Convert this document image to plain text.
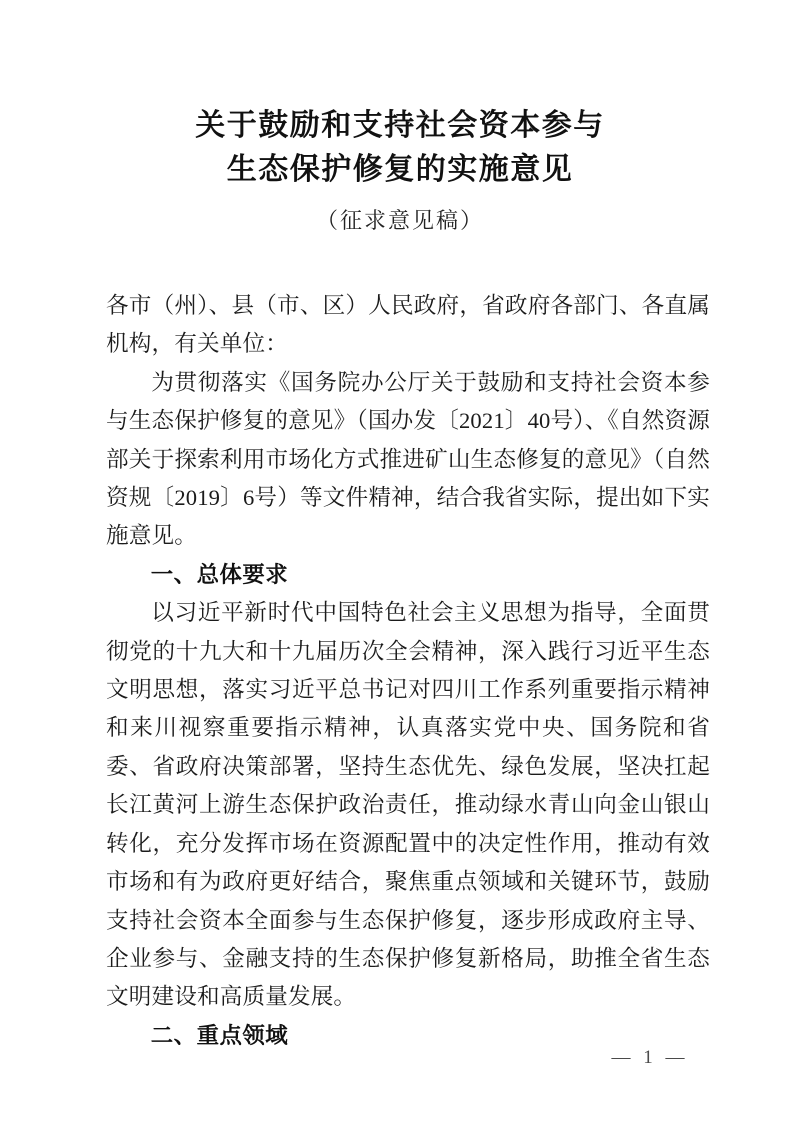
关于鼓励和支持社会资本参与
生态保护修复的实施意见
（征求意见稿）

各市（州）、县（市、区）人民政府，省政府各部门、各直属机构，有关单位：

为贯彻落实《国务院办公厅关于鼓励和支持社会资本参与生态保护修复的意见》（国办发〔2021〕40号）、《自然资源部关于探索利用市场化方式推进矿山生态修复的意见》（自然资规〔2019〕6号）等文件精神，结合我省实际，提出如下实施意见。

一、总体要求

以习近平新时代中国特色社会主义思想为指导，全面贯彻党的十九大和十九届历次全会精神，深入践行习近平生态文明思想，落实习近平总书记对四川工作系列重要指示精神和来川视察重要指示精神，认真落实党中央、国务院和省委、省政府决策部署，坚持生态优先、绿色发展，坚决扛起长江黄河上游生态保护政治责任，推动绿水青山向金山银山转化，充分发挥市场在资源配置中的决定性作用，推动有效市场和有为政府更好结合，聚焦重点领域和关键环节，鼓励支持社会资本全面参与生态保护修复，逐步形成政府主导、企业参与、金融支持的生态保护修复新格局，助推全省生态文明建设和高质量发展。

二、重点领域

— 1 —
